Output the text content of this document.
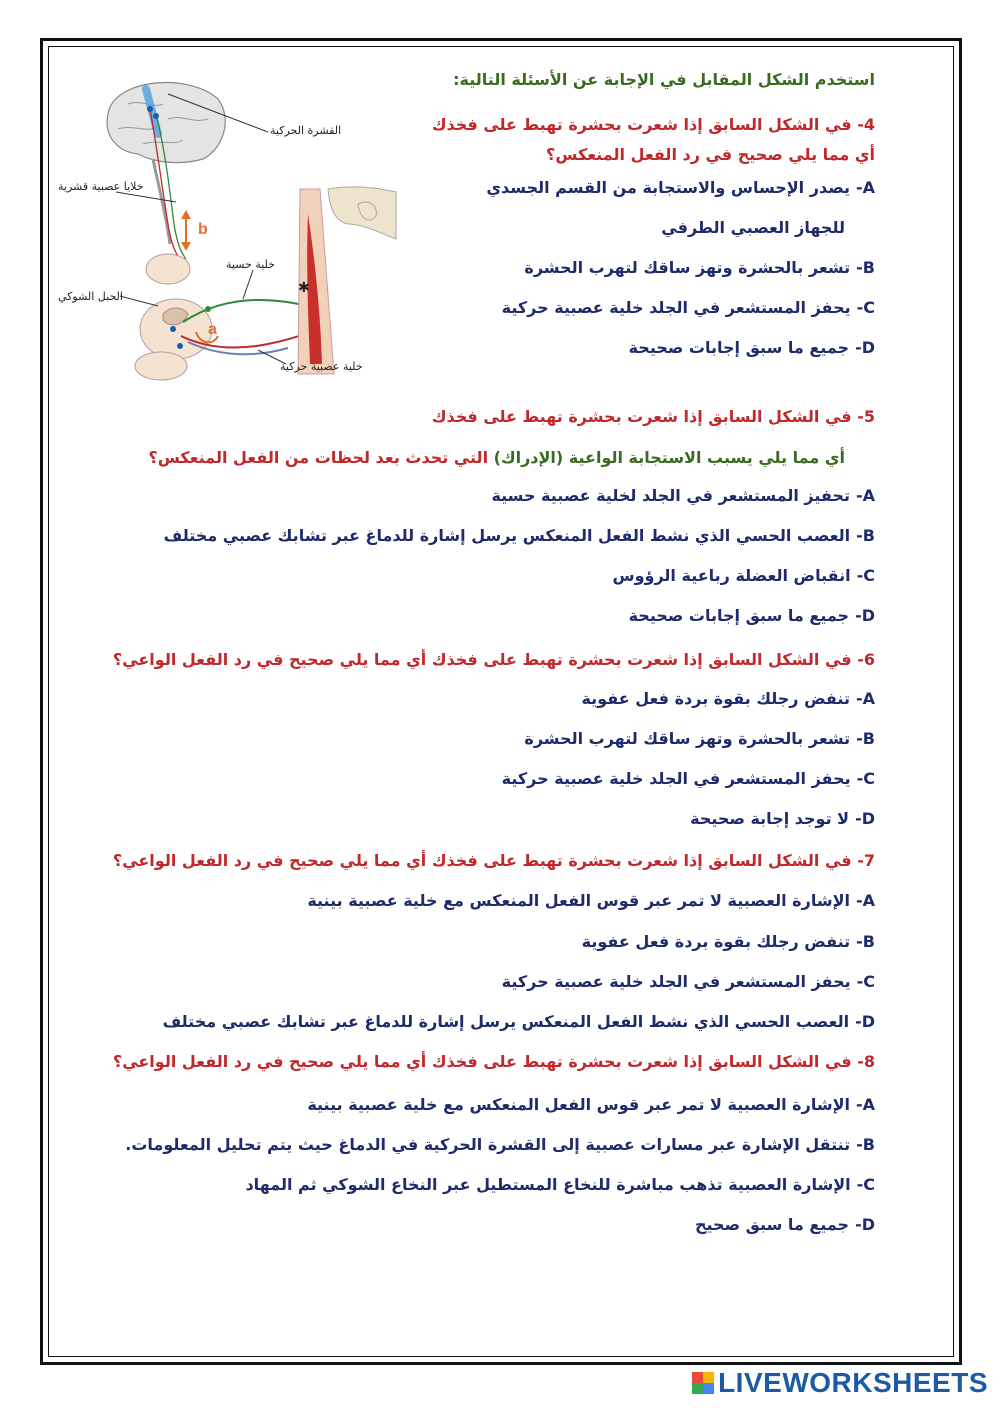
a
b
✱
القشرة الحركية
خلايا عصبية قشرية
خلية حسية
الحبل الشوكي
خلية عصبية حركية
استخدم الشكل المقابل في الإجابة عن الأسئلة التالية:
4- في الشكل السابق إذا شعرت بحشرة تهبط على فخذك
أي مما يلي صحيح في رد الفعل المنعكس؟
A-يصدر الإحساس والاستجابة من القسم الجسدي
للجهاز العصبي الطرفي
B-تشعر بالحشرة وتهز ساقك لتهرب الحشرة
C-يحفز المستشعر في الجلد خلية عصبية حركية
D-جميع ما سبق إجابات صحيحة
5- في الشكل السابق إذا شعرت بحشرة تهبط على فخذك
أي مما يلي يسبب الاستجابة الواعية (الإدراك) التي تحدث بعد لحظات من الفعل المنعكس؟
A-تحفيز المستشعر في الجلد لخلية عصبية حسية
B-العصب الحسي الذي نشط الفعل المنعكس يرسل إشارة للدماغ عبر تشابك عصبي مختلف
C-انقباض العضلة رباعية الرؤوس
D-جميع ما سبق إجابات صحيحة
6- في الشكل السابق إذا شعرت بحشرة تهبط على فخذك أي مما يلي صحيح في رد الفعل الواعي؟
A-تنفض رجلك بقوة بردة فعل عفوية
B-تشعر بالحشرة وتهز ساقك لتهرب الحشرة
C-يحفز المستشعر في الجلد خلية عصبية حركية
D-لا توجد إجابة صحيحة
7- في الشكل السابق إذا شعرت بحشرة تهبط على فخذك أي مما يلي صحيح في رد الفعل الواعي؟
A-الإشارة العصبية لا تمر عبر قوس الفعل المنعكس مع خلية عصبية بينية
B-تنفض رجلك بقوة بردة فعل عفوية
C-يحفز المستشعر في الجلد خلية عصبية حركية
D-العصب الحسي الذي نشط الفعل المنعكس يرسل إشارة للدماغ عبر تشابك عصبي مختلف
8- في الشكل السابق إذا شعرت بحشرة تهبط على فخذك أي مما يلي صحيح في رد الفعل الواعي؟
A-الإشارة العصبية لا تمر عبر قوس الفعل المنعكس مع خلية عصبية بينية
B-تنتقل الإشارة عبر مسارات عصبية إلى القشرة الحركية في الدماغ حيث يتم تحليل المعلومات.
C-الإشارة العصبية تذهب مباشرة للنخاع المستطيل عبر النخاع الشوكي ثم المهاد
D-جميع ما سبق صحيح
LIVEWORKSHEETS
